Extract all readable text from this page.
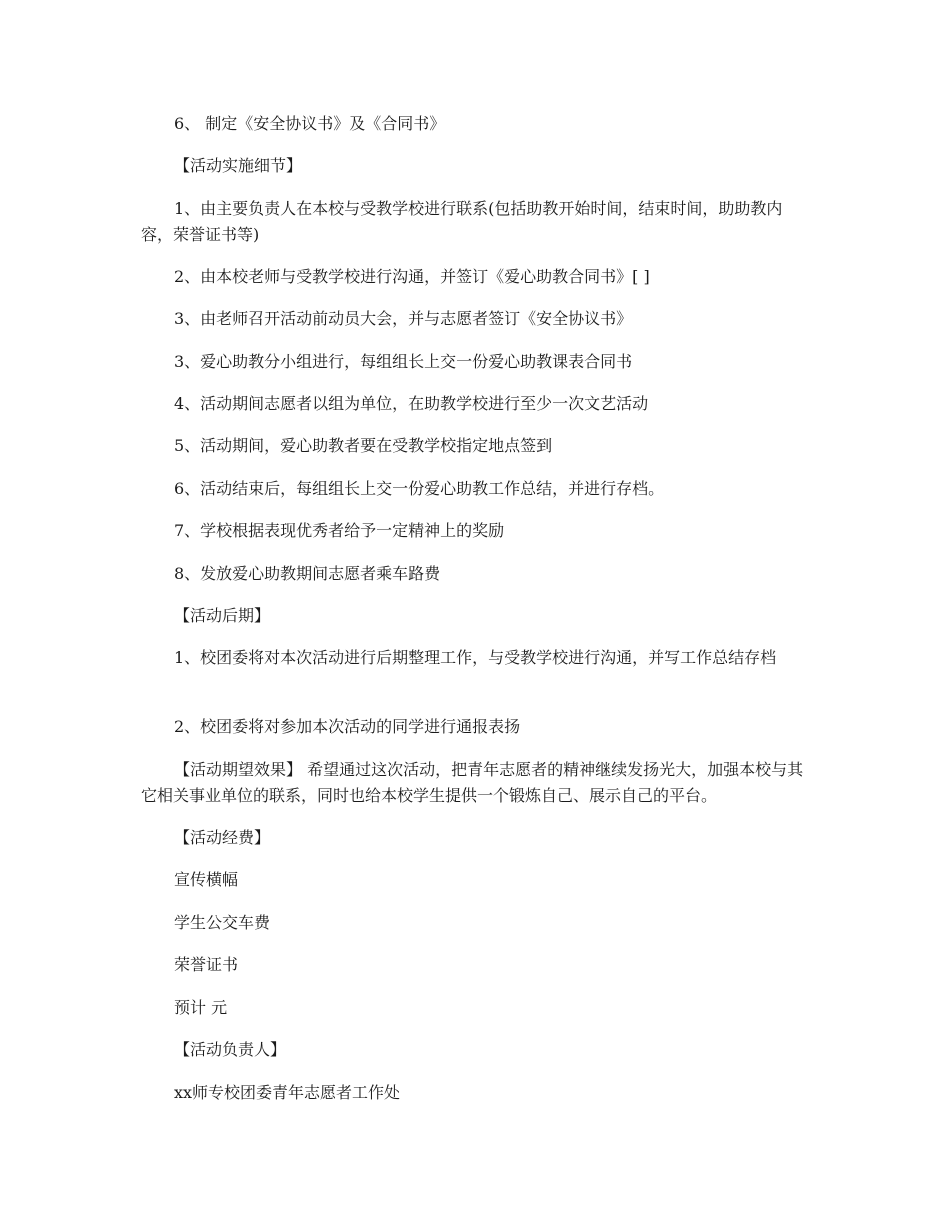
6、 制定《安全协议书》及《合同书》

【活动实施细节】

1、由主要负责人在本校与受教学校进行联系(包括助教开始时间，结束时间，助助教内容，荣誉证书等)

2、由本校老师与受教学校进行沟通，并签订《爱心助教合同书》[ ]

3、由老师召开活动前动员大会，并与志愿者签订《安全协议书》

3、爱心助教分小组进行，每组组长上交一份爱心助教课表合同书

4、活动期间志愿者以组为单位，在助教学校进行至少一次文艺活动

5、活动期间，爱心助教者要在受教学校指定地点签到

6、活动结束后，每组组长上交一份爱心助教工作总结，并进行存档。

7、学校根据表现优秀者给予一定精神上的奖励

8、发放爱心助教期间志愿者乘车路费

【活动后期】

1、校团委将对本次活动进行后期整理工作，与受教学校进行沟通，并写工作总结存档

2、校团委将对参加本次活动的同学进行通报表扬

【活动期望效果】 希望通过这次活动，把青年志愿者的精神继续发扬光大，加强本校与其它相关事业单位的联系，同时也给本校学生提供一个锻炼自己、展示自己的平台。

【活动经费】

宣传横幅

学生公交车费

荣誉证书

预计 元

【活动负责人】

xx师专校团委青年志愿者工作处
